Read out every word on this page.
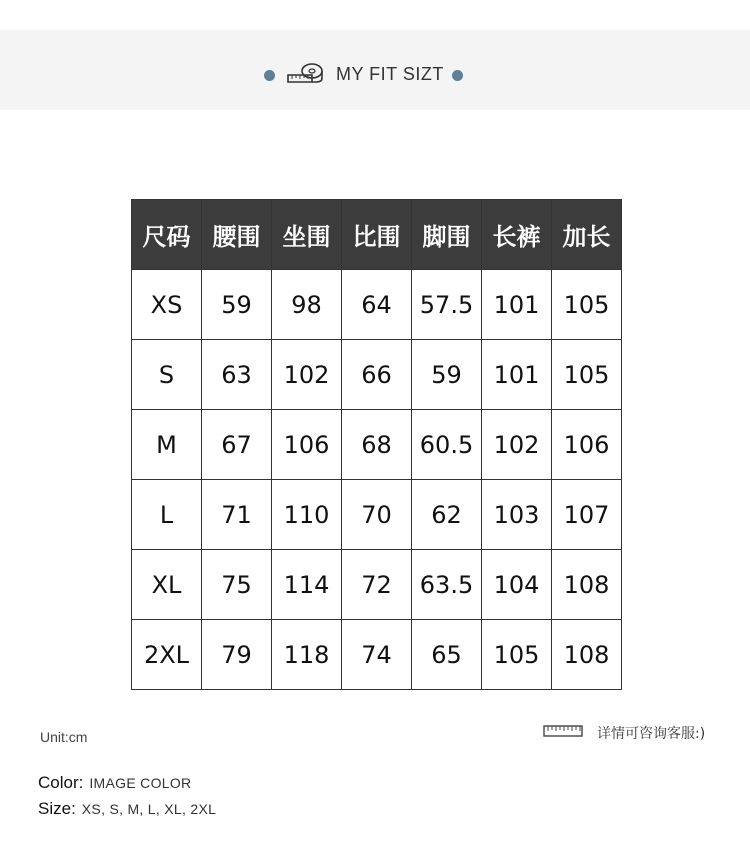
MY FIT SIZT
尺码	腰围	坐围	比围	脚围	长裤	加长
XS	59	98	64	57.5	101	105
S	63	102	66	59	101	105
M	67	106	68	60.5	102	106
L	71	110	70	62	103	107
XL	75	114	72	63.5	104	108
2XL	79	118	74	65	105	108
Unit:cm	详情可咨询客服:)
Color: IMAGE COLOR
Size: XS, S, M, L, XL, 2XL
